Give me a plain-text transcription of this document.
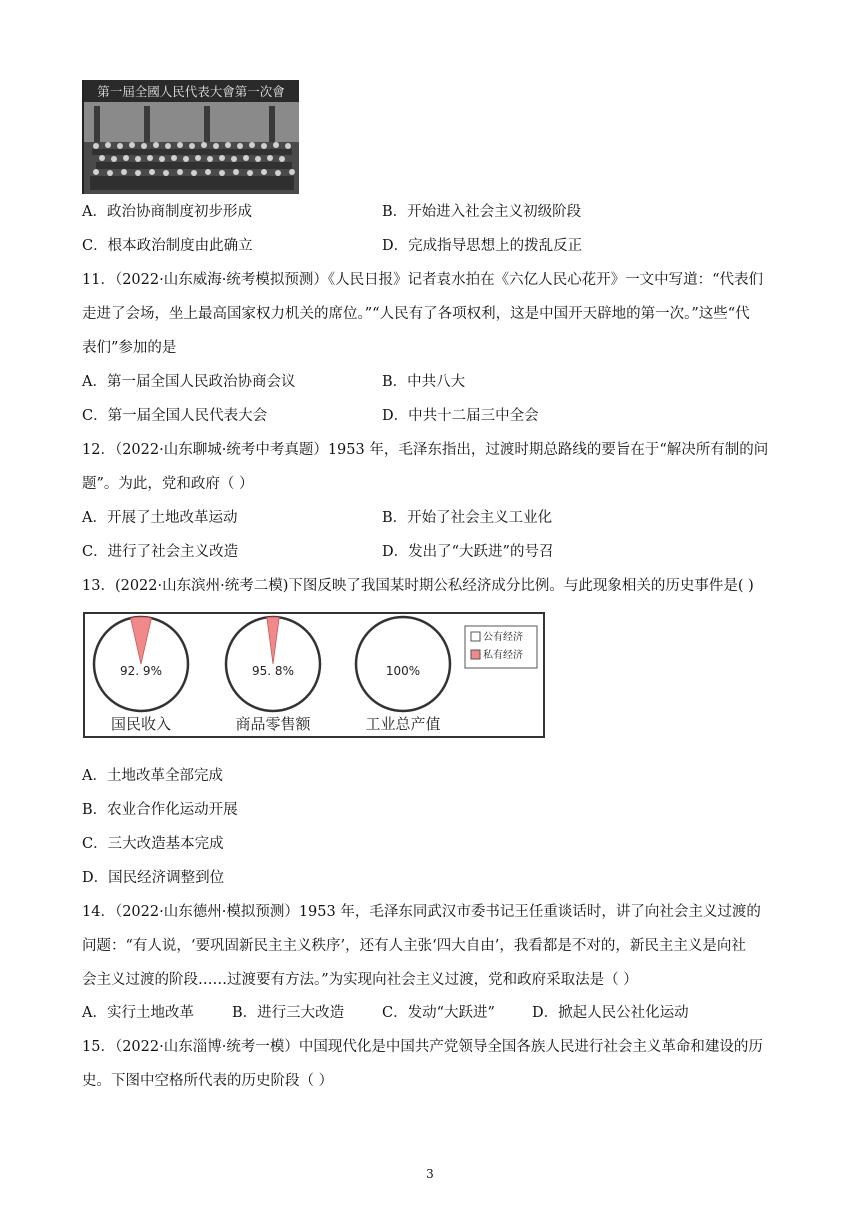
第一屆全國人民代表大會第一次會
A．政治协商制度初步形成	B．开始进入社会主义初级阶段
C．根本政治制度由此确立	D．完成指导思想上的拨乱反正
11．（2022·山东威海·统考模拟预测）《人民日报》记者袁水拍在《六亿人民心花开》一文中写道：“代表们
走进了会场，坐上最高国家权力机关的席位。”“人民有了各项权利，这是中国开天辟地的第一次。”这些“代
表们”参加的是
A．第一届全国人民政治协商会议	B．中共八大
C．第一届全国人民代表大会	D．中共十二届三中全会
12．（2022·山东聊城·统考中考真题）1953 年，毛泽东指出，过渡时期总路线的要旨在于“解决所有制的问
题”。为此，党和政府（ ）
A．开展了土地改革运动	B．开始了社会主义工业化
C．进行了社会主义改造	D．发出了“大跃进”的号召
13．(2022·山东滨州·统考二模)下图反映了我国某时期公私经济成分比例。与此现象相关的历史事件是( )
92. 9%
国民收入
95. 8%
商品零售额
100%
工业总产值
公有经济
私有经济
A．土地改革全部完成
B．农业合作化运动开展
C．三大改造基本完成
D．国民经济调整到位
14．（2022·山东德州·模拟预测）1953 年，毛泽东同武汉市委书记王任重谈话时，讲了向社会主义过渡的
问题：“有人说，‘要巩固新民主主义秩序’，还有人主张‘四大自由’，我看都是不对的，新民主主义是向社
会主义过渡的阶段……过渡要有方法。”为实现向社会主义过渡，党和政府采取法是（ ）
A．实行土地改革	B．进行三大改造	C．发动“大跃进”	D．掀起人民公社化运动
15．（2022·山东淄博·统考一模）中国现代化是中国共产党领导全国各族人民进行社会主义革命和建设的历
史。下图中空格所代表的历史阶段（ ）
3
